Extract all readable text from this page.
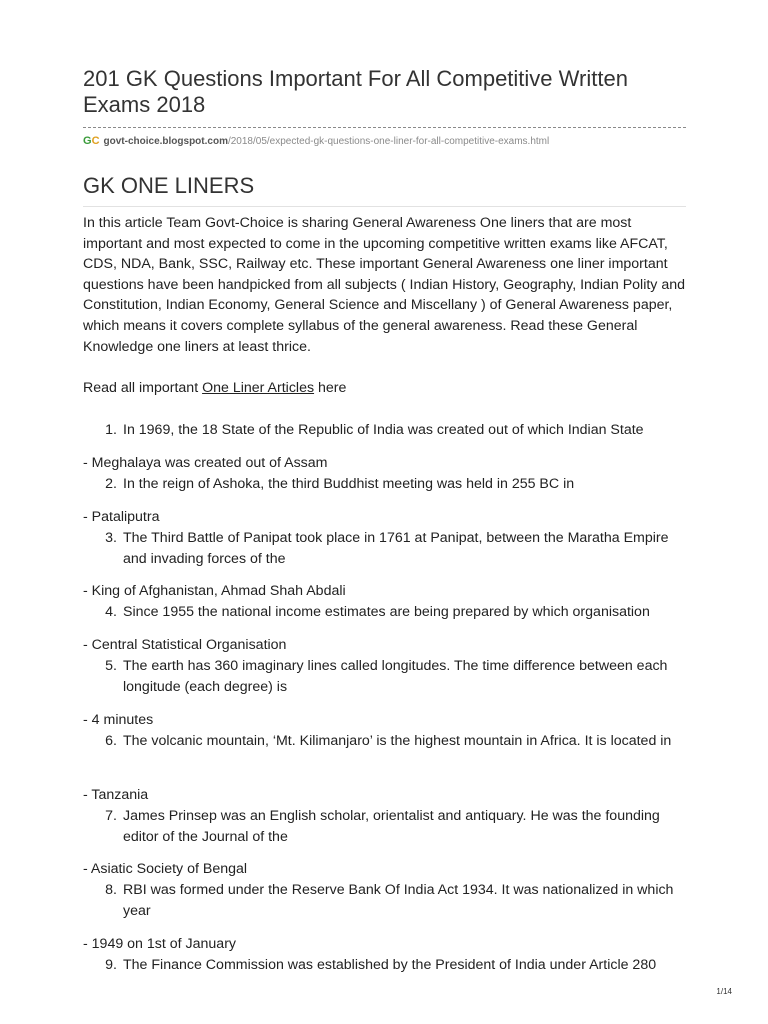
201 GK Questions Important For All Competitive Written Exams 2018
GC govt-choice.blogspot.com/2018/05/expected-gk-questions-one-liner-for-all-competitive-exams.html
GK ONE LINERS

In this article Team Govt-Choice is sharing General Awareness One liners that are most important and most expected to come in the upcoming competitive written exams like AFCAT, CDS, NDA, Bank, SSC, Railway etc. These important General Awareness one liner important questions have been handpicked from all subjects ( Indian History, Geography, Indian Polity and Constitution, Indian Economy, General Science and Miscellany ) of General Awareness paper, which means it covers complete syllabus of the general awareness. Read these General Knowledge one liners at least thrice.

Read all important One Liner Articles here

1. In 1969, the 18 State of the Republic of India was created out of which Indian State
- Meghalaya was created out of Assam
2. In the reign of Ashoka, the third Buddhist meeting was held in 255 BC in
- Pataliputra
3. The Third Battle of Panipat took place in 1761 at Panipat, between the Maratha Empire and invading forces of the
- King of Afghanistan, Ahmad Shah Abdali
4. Since 1955 the national income estimates are being prepared by which organisation
- Central Statistical Organisation
5. The earth has 360 imaginary lines called longitudes. The time difference between each longitude (each degree) is
- 4 minutes
6. The volcanic mountain, ‘Mt. Kilimanjaro’ is the highest mountain in Africa. It is located in
- Tanzania
7. James Prinsep was an English scholar, orientalist and antiquary. He was the founding editor of the Journal of the
- Asiatic Society of Bengal
8. RBI was formed under the Reserve Bank Of India Act 1934. It was nationalized in which year
- 1949 on 1st of January
9. The Finance Commission was established by the President of India under Article 280
1/14
